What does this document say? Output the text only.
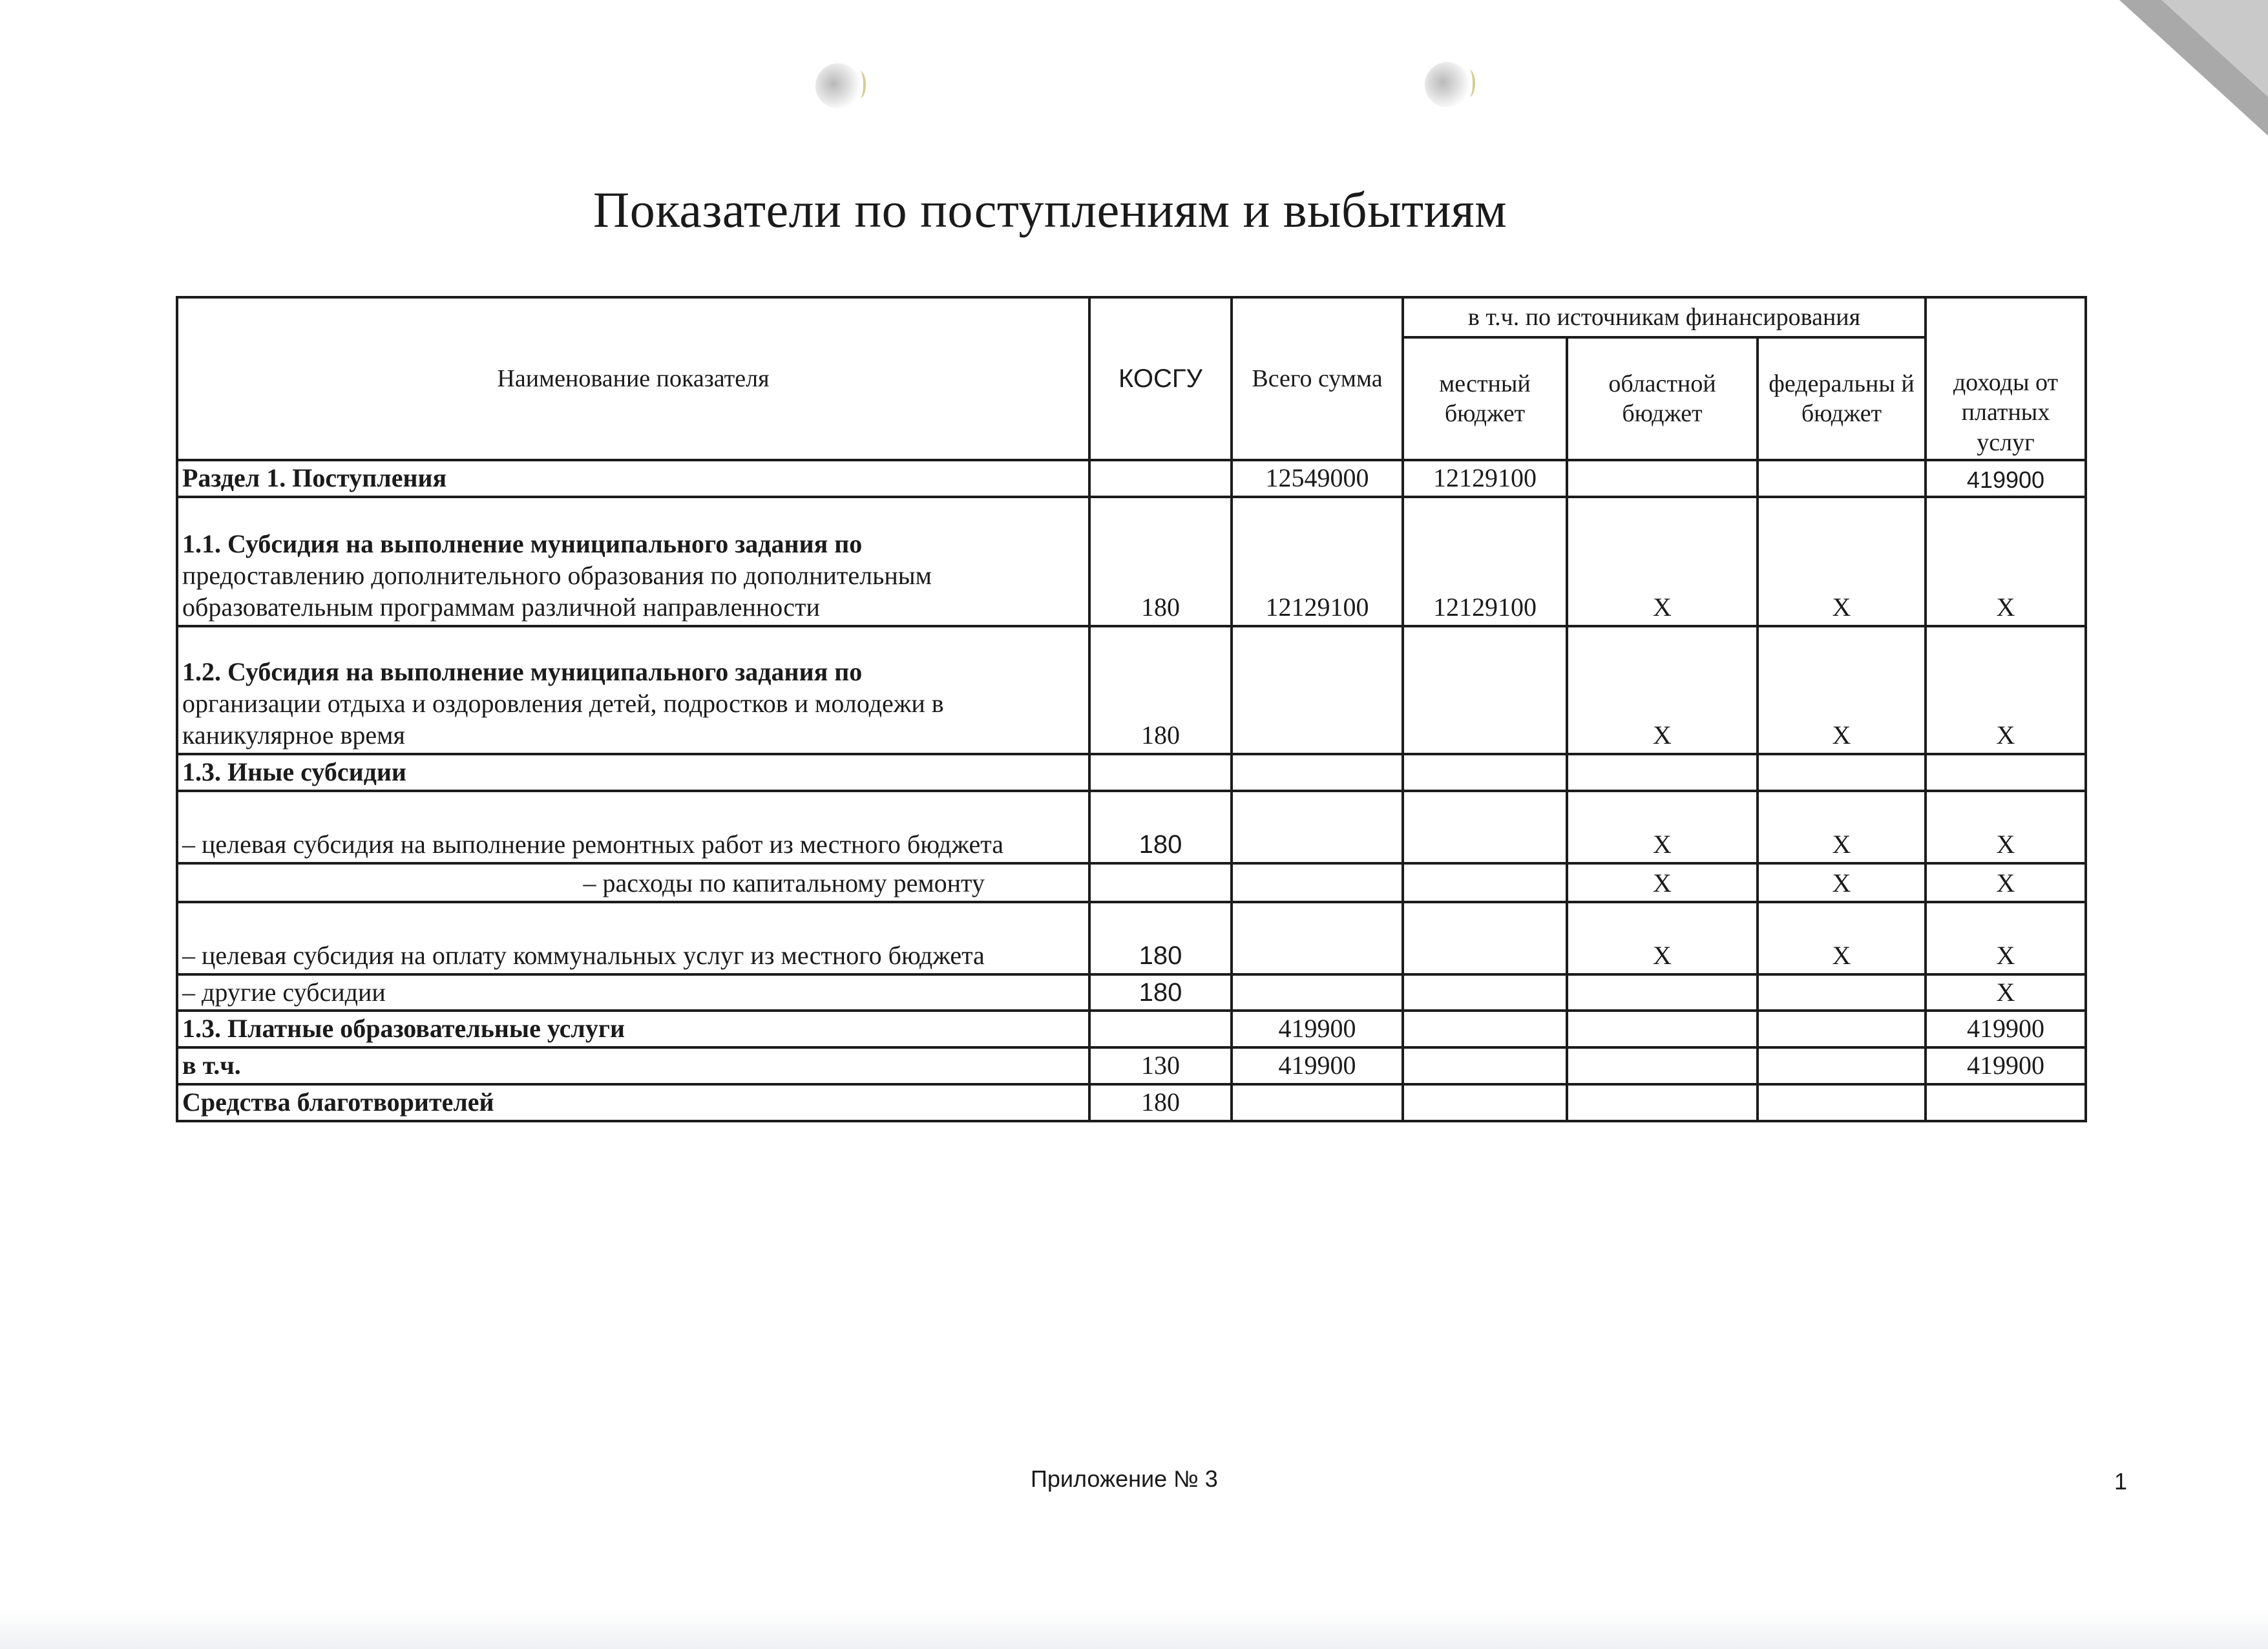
Показатели по поступлениям и выбытиям
Наименование показателя	КОСГУ	Всего сумма	в т.ч. по источникам финансирования			доходы от платных услуг
			местный бюджет	областной бюджет	федеральны й бюджет	
Раздел 1. Поступления		12549000	12129100			419900
1.1. Субсидия на выполнение муниципального задания по
предоставлению дополнительного образования по дополнительным образовательным программам различной направленности	180	12129100	12129100	Х	Х	Х
1.2. Субсидия на выполнение муниципального задания по
организации отдыха и оздоровления детей, подростков и молодежи в каникулярное время	180			Х	Х	Х
1.3. Иные субсидии						
– целевая субсидия на выполнение ремонтных работ из местного бюджета	180			Х	Х	Х
– расходы по капитальному ремонту				Х	Х	Х
– целевая субсидия на оплату коммунальных услуг из местного бюджета	180			Х	Х	Х
– другие субсидии	180					Х
1.3. Платные образовательные услуги		419900				419900
в т.ч.	130	419900				419900
Средства благотворителей	180					
Приложение № 3	1
